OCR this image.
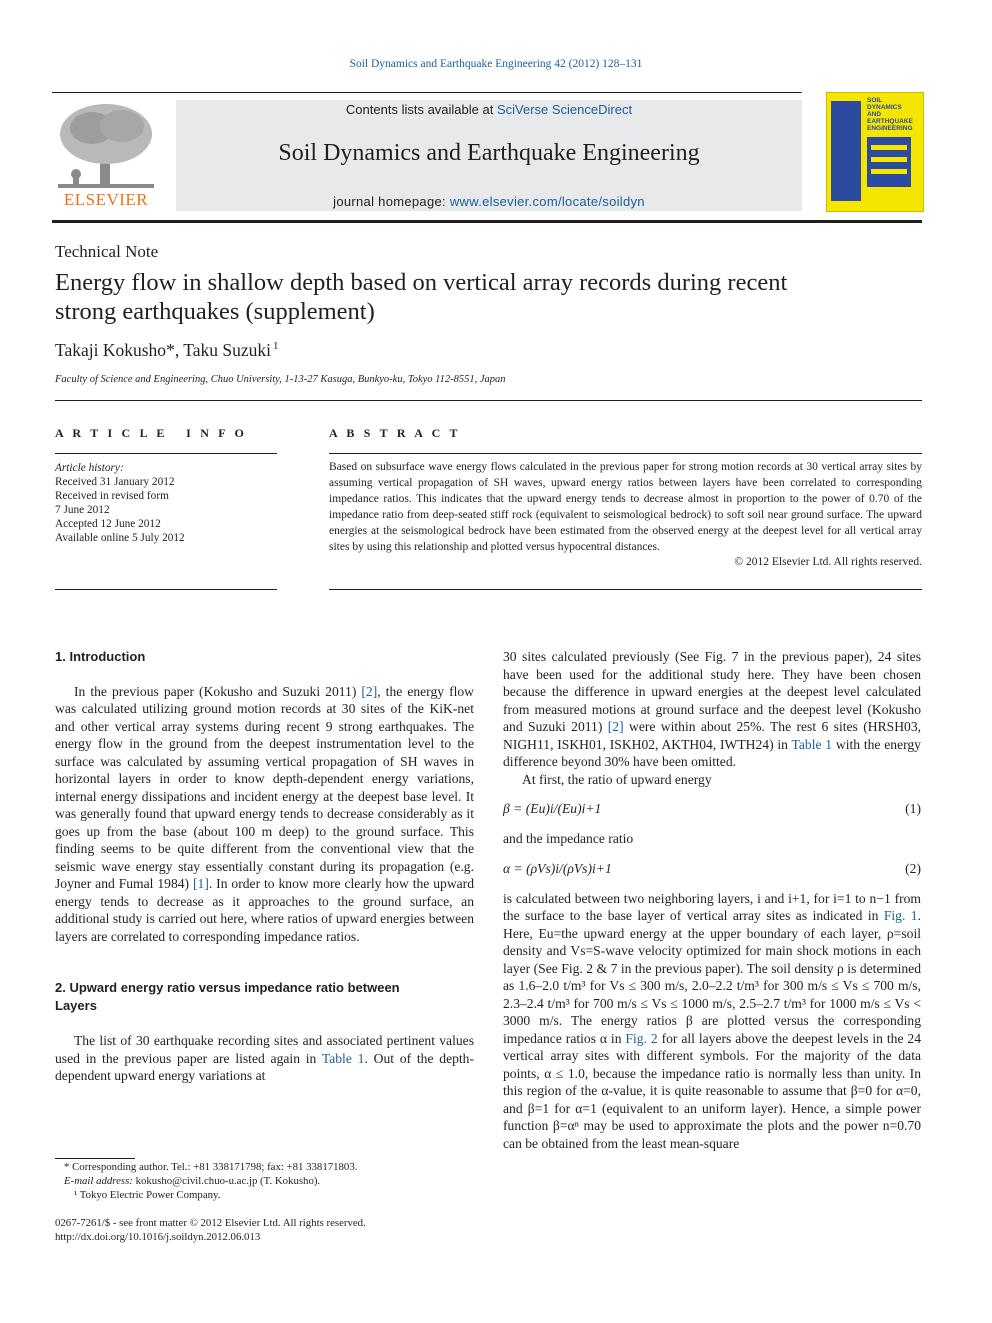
Soil Dynamics and Earthquake Engineering 42 (2012) 128–131
ELSEVIER
Contents lists available at SciVerse ScienceDirect
Soil Dynamics and Earthquake Engineering
journal homepage: www.elsevier.com/locate/soildyn
SOIL
DYNAMICS
AND
EARTHQUAKE
ENGINEERING
Technical Note
Energy flow in shallow depth based on vertical array records during recent
strong earthquakes (supplement)
Takaji Kokusho*, Taku Suzuki $^1$
Faculty of Science and Engineering, Chuo University, 1-13-27 Kasuga, Bunkyo-ku, Tokyo 112-8551, Japan
A R T I C L E   I N F O
Article history:
Received 31 January 2012
Received in revised form
7 June 2012
Accepted 12 June 2012
Available online 5 July 2012
A B S T R A C T
Based on subsurface wave energy flows calculated in the previous paper for strong motion records at 30 vertical array sites by assuming vertical propagation of SH waves, upward energy ratios between layers have been correlated to corresponding impedance ratios. This indicates that the upward energy tends to decrease almost in proportion to the power of 0.70 of the impedance ratio from deep-seated stiff rock (equivalent to seismological bedrock) to soft soil near ground surface. The upward energies at the seismological bedrock have been estimated from the observed energy at the deepest level for all vertical array sites by using this relationship and plotted versus hypocentral distances.
© 2012 Elsevier Ltd. All rights reserved.
1. Introduction

In the previous paper (Kokusho and Suzuki 2011) [2], the energy flow was calculated utilizing ground motion records at 30 sites of the KiK-net and other vertical array systems during recent 9 strong earthquakes. The energy flow in the ground from the deepest instrumentation level to the surface was calculated by assuming vertical propagation of SH waves in horizontal layers in order to know depth-dependent energy variations, internal energy dissipations and incident energy at the deepest base level. It was generally found that upward energy tends to decrease considerably as it goes up from the base (about 100 m deep) to the ground surface. This finding seems to be quite different from the conventional view that the seismic wave energy stay essentially constant during its propagation (e.g. Joyner and Fumal 1984) [1]. In order to know more clearly how the upward energy tends to decrease as it approaches to the ground surface, an additional study is carried out here, where ratios of upward energies between layers are correlated to corresponding impedance ratios.

2. Upward energy ratio versus impedance ratio between
Layers

The list of 30 earthquake recording sites and associated pertinent values used in the previous paper are listed again in Table 1. Out of the depth-dependent upward energy variations at

* Corresponding author. Tel.: +81 338171798; fax: +81 338171803.
E-mail address: kokusho@civil.chuo-u.ac.jp (T. Kokusho).
¹ Tokyo Electric Power Company.
0267-7261/$ - see front matter © 2012 Elsevier Ltd. All rights reserved.
http://dx.doi.org/10.1016/j.soildyn.2012.06.013

30 sites calculated previously (See Fig. 7 in the previous paper), 24 sites have been used for the additional study here. They have been chosen because the difference in upward energies at the deepest level calculated from measured motions at ground surface and the deepest level (Kokusho and Suzuki 2011) [2] were within about 25%. The rest 6 sites (HRSH03, NIGH11, ISKH01, ISKH02, AKTH04, IWTH24) in Table 1 with the energy difference beyond 30% have been omitted.

At first, the ratio of upward energy

β = (Eu)i/(Eu)i+1	(1)

and the impedance ratio

α = (ρVs)i/(ρVs)i+1	(2)

is calculated between two neighboring layers, i and i+1, for i=1 to n−1 from the surface to the base layer of vertical array sites as indicated in Fig. 1. Here, Eu=the upward energy at the upper boundary of each layer, ρ=soil density and Vs=S-wave velocity optimized for main shock motions in each layer (See Fig. 2 & 7 in the previous paper). The soil density ρ is determined as 1.6–2.0 t/m³ for Vs ≤ 300 m/s, 2.0–2.2 t/m³ for 300 m/s ≤ Vs ≤ 700 m/s, 2.3–2.4 t/m³ for 700 m/s ≤ Vs ≤ 1000 m/s, 2.5–2.7 t/m³ for 1000 m/s ≤ Vs < 3000 m/s. The energy ratios β are plotted versus the corresponding impedance ratios α in Fig. 2 for all layers above the deepest levels in the 24 vertical array sites with different symbols. For the majority of the data points, α ≤ 1.0, because the impedance ratio is normally less than unity. In this region of the α-value, it is quite reasonable to assume that β=0 for α=0, and β=1 for α=1 (equivalent to an uniform layer). Hence, a simple power function β=αⁿ may be used to approximate the plots and the power n=0.70 can be obtained from the least mean-square
